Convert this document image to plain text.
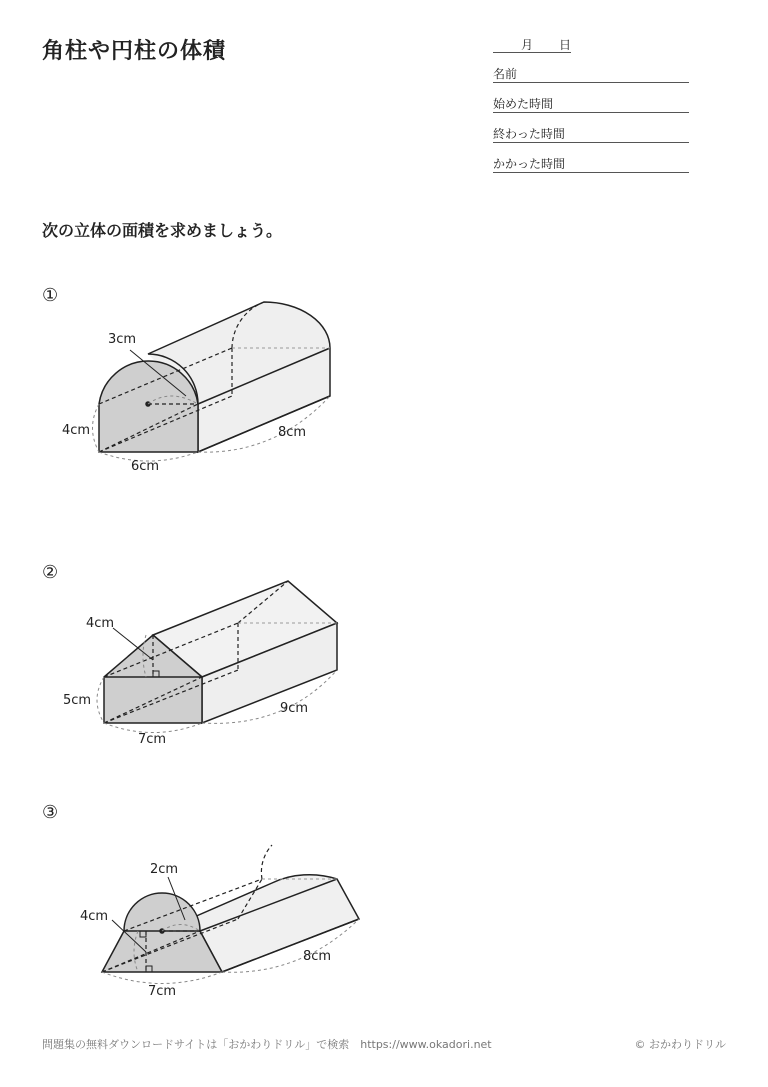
角柱や円柱の体積	月 日
名前
始めた時間
終わった時間
かかった時間
次の立体の面積を求めましょう。
①
②
③
3cm
4cm
6cm
8cm
4cm
5cm
7cm
9cm
2cm
4cm
7cm
8cm
問題集の無料ダウンロードサイトは「おかわりドリル」で検索　https://www.okadori.net	© おかわりドリル
